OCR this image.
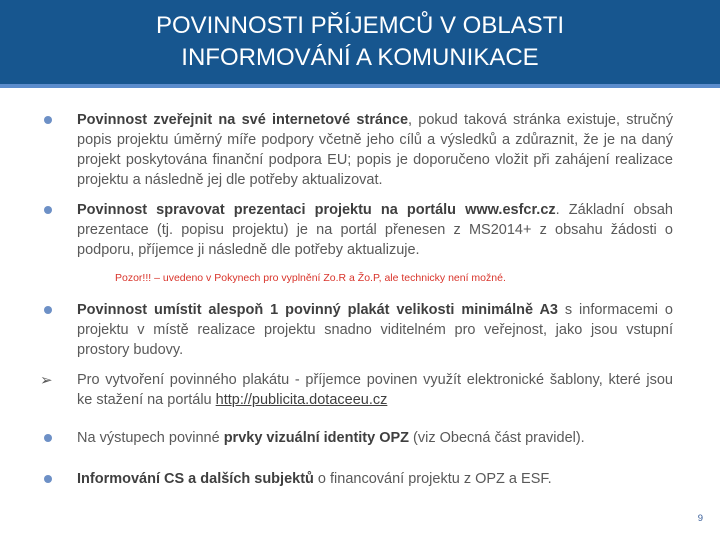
POVINNOSTI PŘÍJEMCŮ V OBLASTI
INFORMOVÁNÍ A KOMUNIKACE
Povinnost zveřejnit na své internetové stránce, pokud taková stránka existuje, stručný popis projektu úměrný míře podpory včetně jeho cílů a výsledků a zdůraznit, že je na daný projekt poskytována finanční podpora EU; popis je doporučeno vložit při zahájení realizace projektu a následně jej dle potřeby aktualizovat.
Povinnost spravovat prezentaci projektu na portálu www.esfcr.cz. Základní obsah prezentace (tj. popisu projektu) je na portál přenesen z MS2014+ z obsahu žádosti o podporu, příjemce ji následně dle potřeby aktualizuje.
Pozor!!! – uvedeno v Pokynech pro vyplnění Zo.R a Žo.P, ale technicky není možné.
Povinnost umístit alespoň 1 povinný plakát velikosti minimálně A3 s informacemi o projektu v místě realizace projektu snadno viditelném pro veřejnost, jako jsou vstupní prostory budovy.
➢ Pro vytvoření povinného plakátu - příjemce povinen využít elektronické šablony, které jsou ke stažení na portálu http://publicita.dotaceeu.cz
Na výstupech povinné prvky vizuální identity OPZ (viz Obecná část pravidel).
Informování CS a dalších subjektů o financování projektu z OPZ a ESF.
9
